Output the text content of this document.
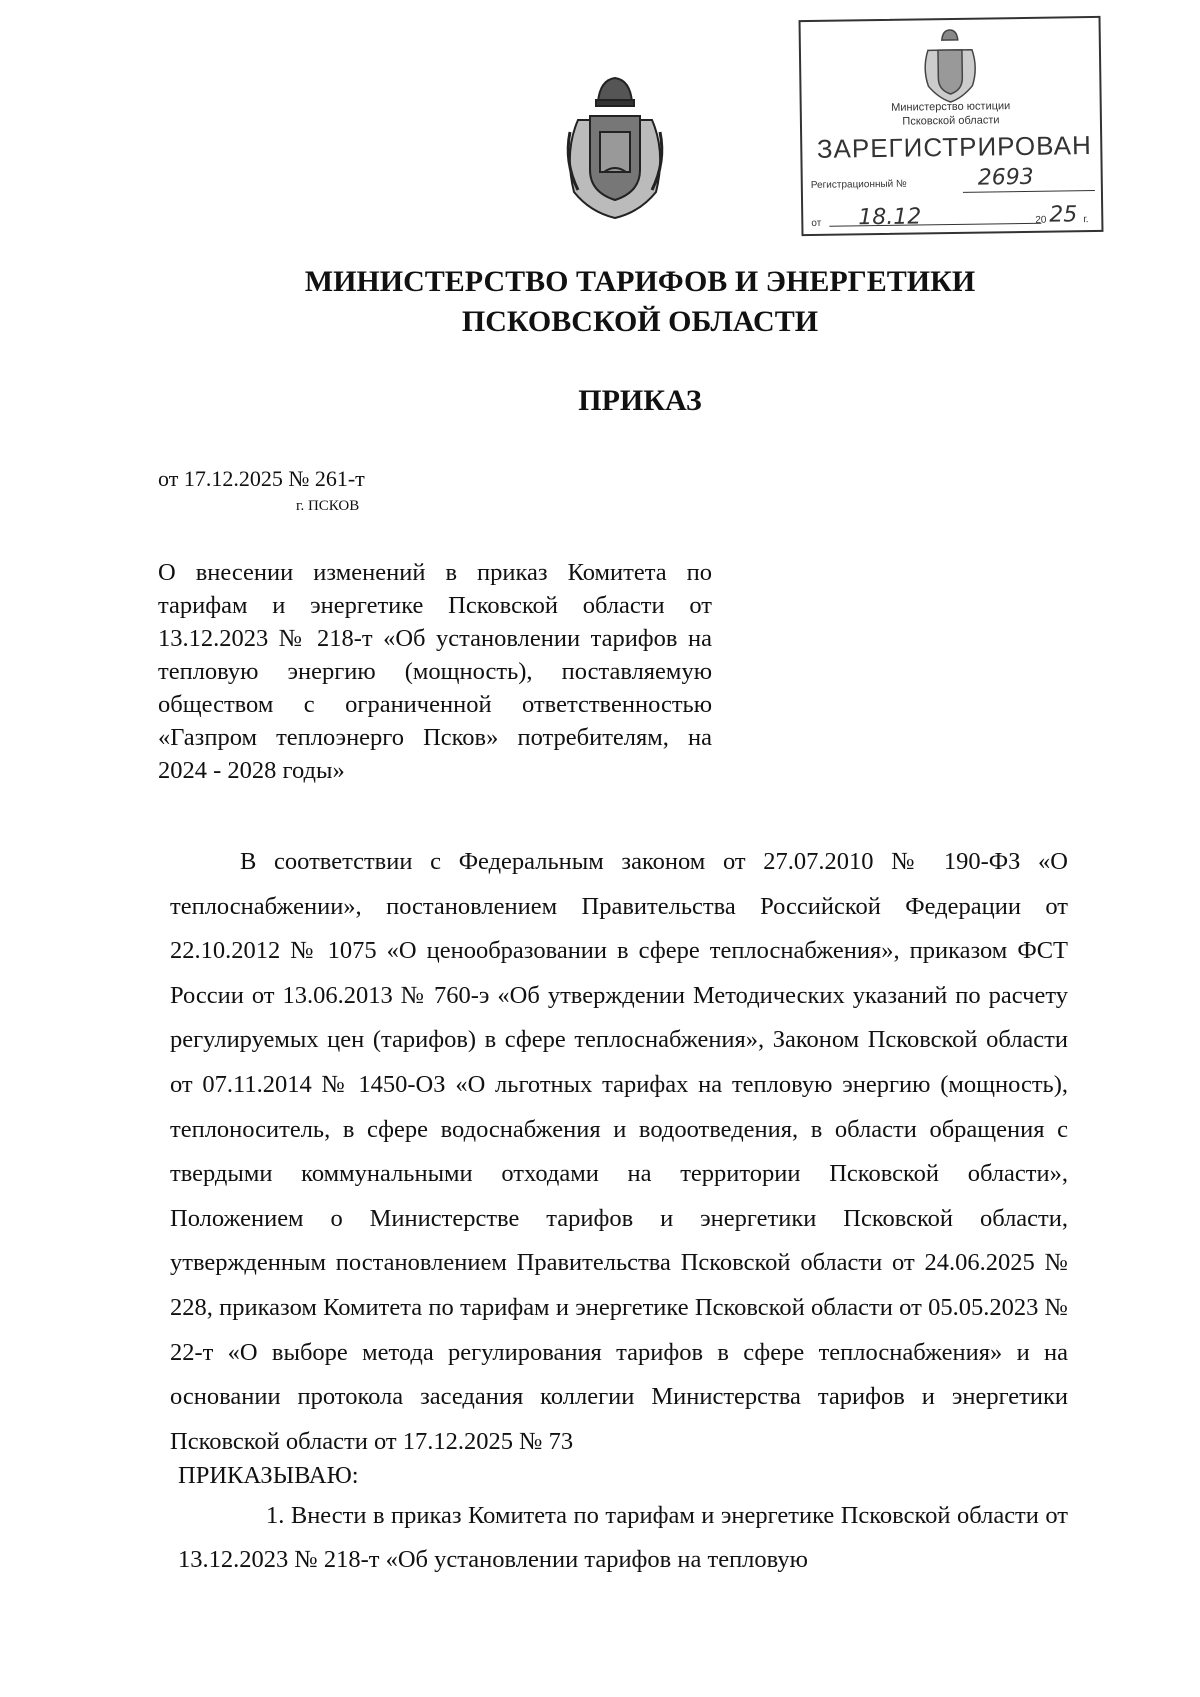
Министерство юстиции
Псковской области
ЗАРЕГИСТРИРОВАН
Регистрационный №	2693
от 18.12	20 25 г.
МИНИСТЕРСТВО ТАРИФОВ И ЭНЕРГЕТИКИ
ПСКОВСКОЙ ОБЛАСТИ
ПРИКАЗ
от 17.12.2025 № 261-т
г. ПСКОВ
О внесении изменений в приказ Комитета по тарифам и энергетике Псковской области от 13.12.2023 № 218-т «Об установлении тарифов на тепловую энергию (мощность), поставляемую обществом с ограниченной ответственностью «Газпром теплоэнерго Псков» потребителям, на 2024 - 2028 годы»

В соответствии с Федеральным законом от 27.07.2010 № 190-ФЗ «О теплоснабжении», постановлением Правительства Российской Федерации от 22.10.2012 № 1075 «О ценообразовании в сфере теплоснабжения», приказом ФСТ России от 13.06.2013 № 760-э «Об утверждении Методических указаний по расчету регулируемых цен (тарифов) в сфере теплоснабжения», Законом Псковской области от 07.11.2014 № 1450-ОЗ «О льготных тарифах на тепловую энергию (мощность), теплоноситель, в сфере водоснабжения и водоотведения, в области обращения с твердыми коммунальными отходами на территории Псковской области», Положением о Министерстве тарифов и энергетики Псковской области, утвержденным постановлением Правительства Псковской области от 24.06.2025 № 228, приказом Комитета по тарифам и энергетике Псковской области от 05.05.2023 № 22-т «О выборе метода регулирования тарифов в сфере теплоснабжения» и на основании протокола заседания коллегии Министерства тарифов и энергетики Псковской области от 17.12.2025 № 73

ПРИКАЗЫВАЮ:

1. Внести в приказ Комитета по тарифам и энергетике Псковской области от 13.12.2023 № 218-т «Об установлении тарифов на тепловую
